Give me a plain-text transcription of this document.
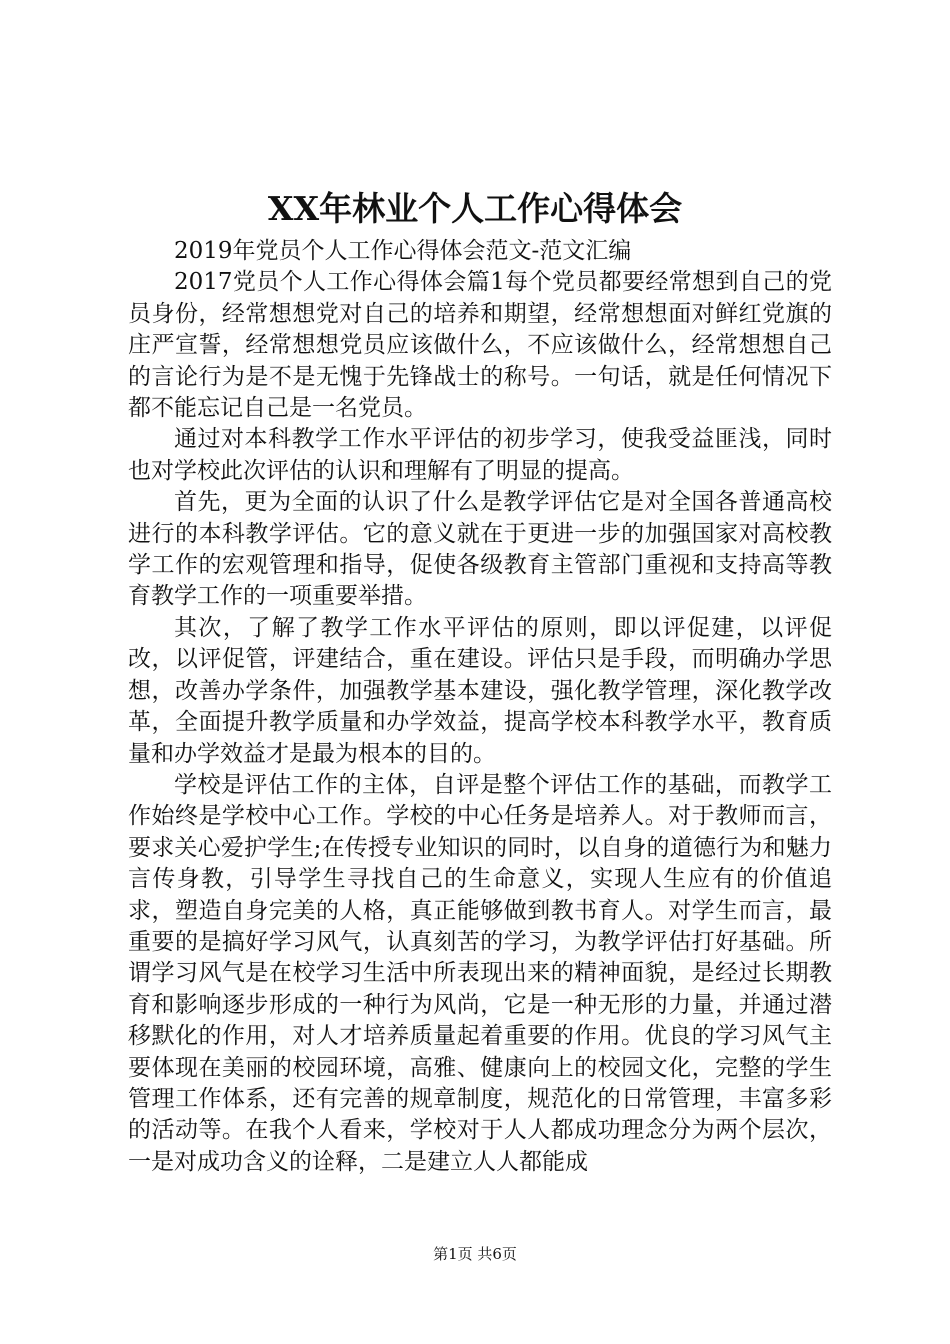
XX年林业个人工作心得体会

2019年党员个人工作心得体会范文-范文汇编

2017党员个人工作心得体会篇1每个党员都要经常想到自己的党员身份，经常想想党对自己的培养和期望，经常想想面对鲜红党旗的庄严宣誓，经常想想党员应该做什么，不应该做什么，经常想想自己的言论行为是不是无愧于先锋战士的称号。一句话，就是任何情况下都不能忘记自己是一名党员。

通过对本科教学工作水平评估的初步学习，使我受益匪浅，同时也对学校此次评估的认识和理解有了明显的提高。

首先，更为全面的认识了什么是教学评估它是对全国各普通高校进行的本科教学评估。它的意义就在于更进一步的加强国家对高校教学工作的宏观管理和指导，促使各级教育主管部门重视和支持高等教育教学工作的一项重要举措。

其次，了解了教学工作水平评估的原则，即以评促建，以评促改，以评促管，评建结合，重在建设。评估只是手段，而明确办学思想，改善办学条件，加强教学基本建设，强化教学管理，深化教学改革，全面提升教学质量和办学效益，提高学校本科教学水平，教育质量和办学效益才是最为根本的目的。

学校是评估工作的主体，自评是整个评估工作的基础，而教学工作始终是学校中心工作。学校的中心任务是培养人。对于教师而言，要求关心爱护学生;在传授专业知识的同时，以自身的道德行为和魅力言传身教，引导学生寻找自己的生命意义，实现人生应有的价值追求，塑造自身完美的人格，真正能够做到教书育人。对学生而言，最重要的是搞好学习风气，认真刻苦的学习，为教学评估打好基础。所谓学习风气是在校学习生活中所表现出来的精神面貌，是经过长期教育和影响逐步形成的一种行为风尚，它是一种无形的力量，并通过潜移默化的作用，对人才培养质量起着重要的作用。优良的学习风气主要体现在美丽的校园环境，高雅、健康向上的校园文化，完整的学生管理工作体系，还有完善的规章制度，规范化的日常管理，丰富多彩的活动等。在我个人看来，学校对于人人都成功理念分为两个层次，一是对成功含义的诠释，二是建立人人都能成

第1页 共6页
